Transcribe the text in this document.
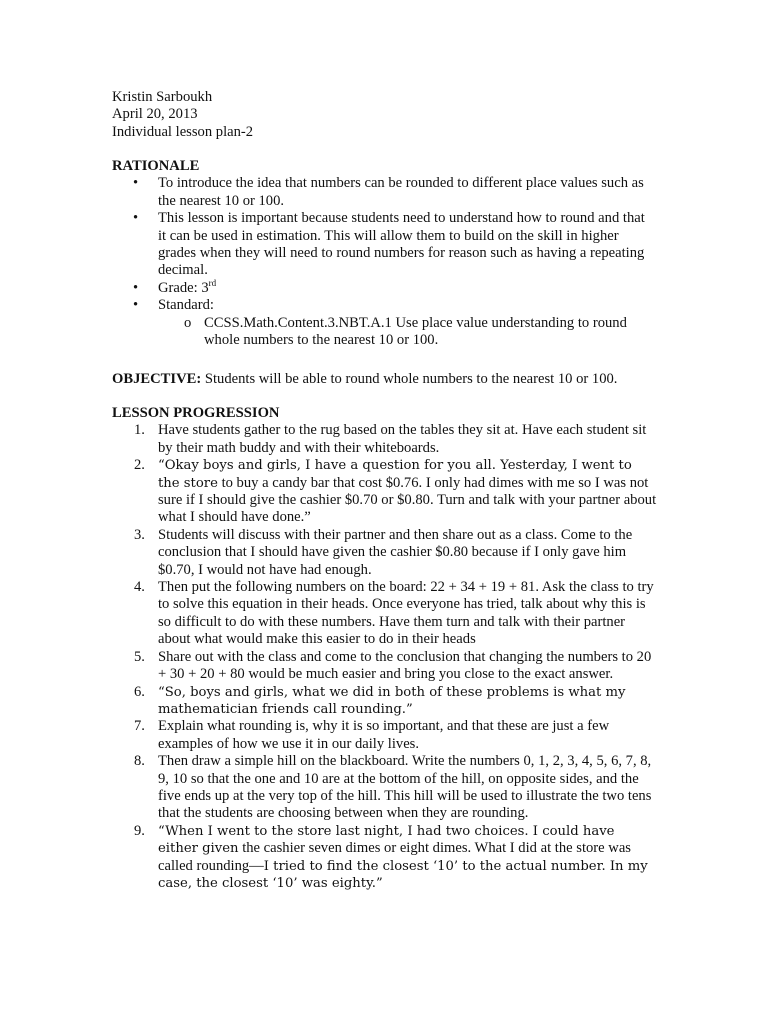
Kristin Sarboukh
April 20, 2013
Individual lesson plan-2
RATIONALE
• To introduce the idea that numbers can be rounded to different place values such as the nearest 10 or 100.
• This lesson is important because students need to understand how to round and that it can be used in estimation. This will allow them to build on the skill in higher grades when they will need to round numbers for reason such as having a repeating decimal.
• Grade: 3rd
• Standard:
o CCSS.Math.Content.3.NBT.A.1 Use place value understanding to round whole numbers to the nearest 10 or 100.
OBJECTIVE: Students will be able to round whole numbers to the nearest 10 or 100.
LESSON PROGRESSION
1. Have students gather to the rug based on the tables they sit at. Have each student sit by their math buddy and with their whiteboards.
2. “Okay boys and girls, I have a question for you all. Yesterday, I went to the store to buy a candy bar that cost $0.76. I only had dimes with me so I was not sure if I should give the cashier $0.70 or $0.80. Turn and talk with your partner about what I should have done.”
3. Students will discuss with their partner and then share out as a class. Come to the conclusion that I should have given the cashier $0.80 because if I only gave him $0.70, I would not have had enough.
4. Then put the following numbers on the board: 22 + 34 + 19 + 81. Ask the class to try to solve this equation in their heads. Once everyone has tried, talk about why this is so difficult to do with these numbers. Have them turn and talk with their partner about what would make this easier to do in their heads
5. Share out with the class and come to the conclusion that changing the numbers to 20 + 30 + 20 + 80 would be much easier and bring you close to the exact answer.
6. “So, boys and girls, what we did in both of these problems is what my mathematician friends call rounding.”
7. Explain what rounding is, why it is so important, and that these are just a few examples of how we use it in our daily lives.
8. Then draw a simple hill on the blackboard. Write the numbers 0, 1, 2, 3, 4, 5, 6, 7, 8, 9, 10 so that the one and 10 are at the bottom of the hill, on opposite sides, and the five ends up at the very top of the hill. This hill will be used to illustrate the two tens that the students are choosing between when they are rounding.
9. “When I went to the store last night, I had two choices. I could have either given the cashier seven dimes or eight dimes. What I did at the store was called rounding—I tried to find the closest ‘10’ to the actual number. In my case, the closest ‘10’ was eighty.”
